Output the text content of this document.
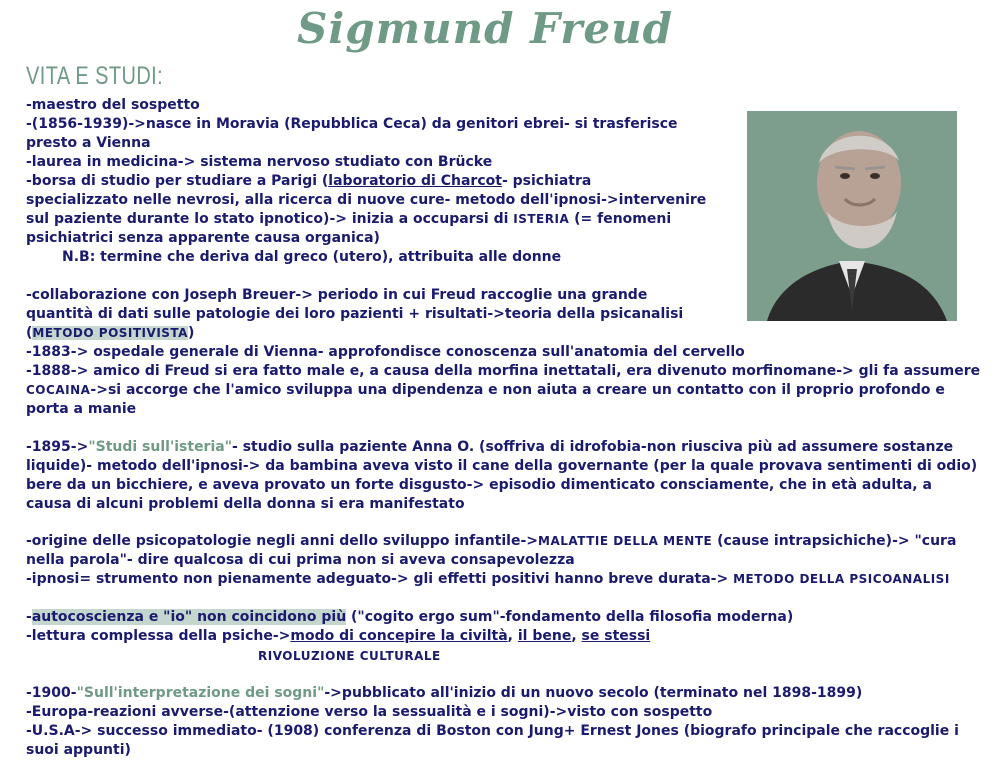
Sigmund Freud
VITA E STUDI:
-maestro del sospetto
-(1856-1939)->nasce in Moravia (Repubblica Ceca) da genitori ebrei- si trasferisce
presto a Vienna
-laurea in medicina-> sistema nervoso studiato con Brücke
-borsa di studio per studiare a Parigi (laboratorio di Charcot- psichiatra
specializzato nelle nevrosi, alla ricerca di nuove cure- metodo dell'ipnosi->intervenire
sul paziente durante lo stato ipnotico)-> inizia a occuparsi di ISTERIA (= fenomeni
psichiatrici senza apparente causa organica)
N.B: termine che deriva dal greco (utero), attribuita alle donne
-collaborazione con Joseph Breuer-> periodo in cui Freud raccoglie una grande
quantità di dati sulle patologie dei loro pazienti + risultati->teoria della psicanalisi
(METODO POSITIVISTA)
-1883-> ospedale generale di Vienna- approfondisce conoscenza sull'anatomia del cervello
-1888-> amico di Freud si era fatto male e, a causa della morfina inettatali, era divenuto morfinomane-> gli fa assumere
COCAINA->si accorge che l'amico sviluppa una dipendenza e non aiuta a creare un contatto con il proprio profondo e
porta a manie
-1895->"Studi sull'isteria"- studio sulla paziente Anna O. (soffriva di idrofobia-non riusciva più ad assumere sostanze
liquide)- metodo dell'ipnosi-> da bambina aveva visto il cane della governante (per la quale provava sentimenti di odio)
bere da un bicchiere, e aveva provato un forte disgusto-> episodio dimenticato consciamente, che in età adulta, a
causa di alcuni problemi della donna si era manifestato
-origine delle psicopatologie negli anni dello sviluppo infantile->MALATTIE DELLA MENTE (cause intrapsichiche)-> "cura
nella parola"- dire qualcosa di cui prima non si aveva consapevolezza
-ipnosi= strumento non pienamente adeguato-> gli effetti positivi hanno breve durata-> METODO DELLA PSICOANALISI
-autocoscienza e "io" non coincidono più ("cogito ergo sum"-fondamento della filosofia moderna)
-lettura complessa della psiche->modo di concepire la civiltà, il bene, se stessi
RIVOLUZIONE CULTURALE
-1900-"Sull'interpretazione dei sogni"->pubblicato all'inizio di un nuovo secolo (terminato nel 1898-1899)
-Europa-reazioni avverse-(attenzione verso la sessualità e i sogni)->visto con sospetto
-U.S.A-> successo immediato- (1908) conferenza di Boston con Jung+ Ernest Jones (biografo principale che raccoglie i
suoi appunti)
